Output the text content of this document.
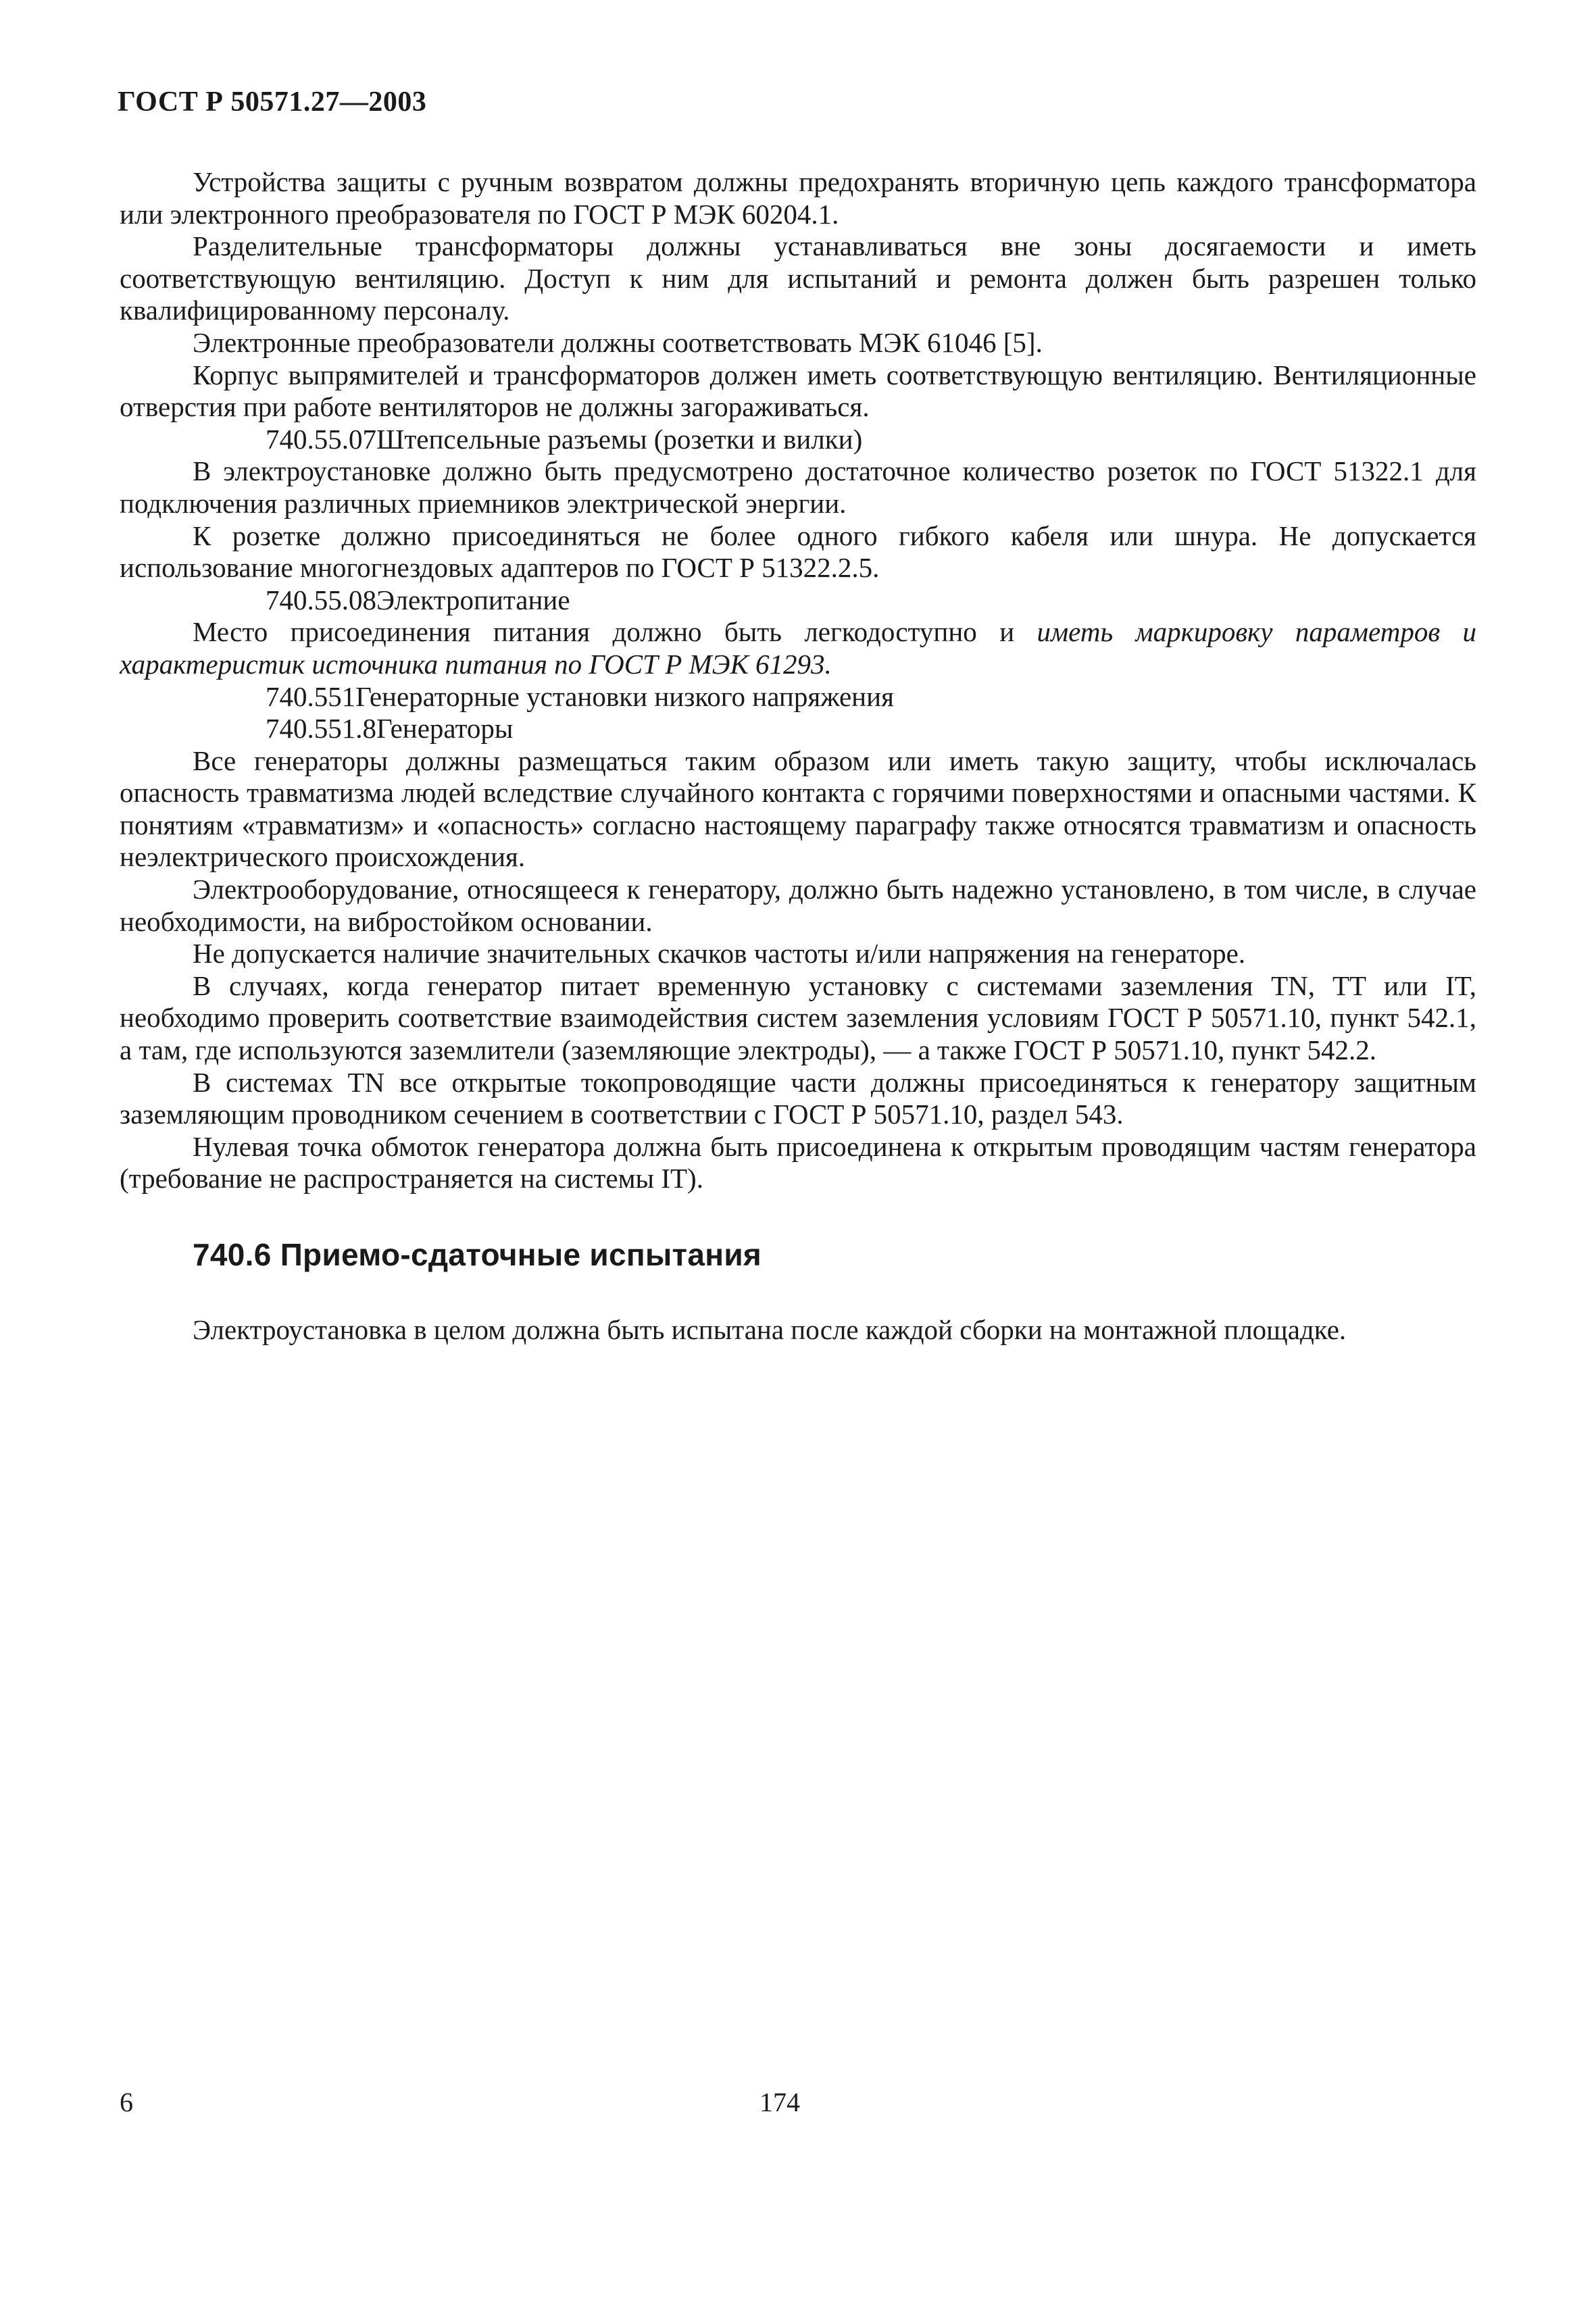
ГОСТ Р 50571.27—2003

Устройства защиты с ручным возвратом должны предохранять вторичную цепь каждого трансформатора или электронного преобразователя по ГОСТ Р МЭК 60204.1.

Разделительные трансформаторы должны устанавливаться вне зоны досягаемости и иметь соответствующую вентиляцию. Доступ к ним для испытаний и ремонта должен быть разрешен только квалифицированному персоналу.

Электронные преобразователи должны соответствовать МЭК 61046 [5].

Корпус выпрямителей и трансформаторов должен иметь соответствующую вентиляцию. Вентиляционные отверстия при работе вентиляторов не должны загораживаться.

740.55.07Штепсельные разъемы (розетки и вилки)

В электроустановке должно быть предусмотрено достаточное количество розеток по ГОСТ 51322.1 для подключения различных приемников электрической энергии.

К розетке должно присоединяться не более одного гибкого кабеля или шнура. Не допускается использование многогнездовых адаптеров по ГОСТ Р 51322.2.5.

740.55.08Электропитание

Место присоединения питания должно быть легкодоступно и иметь маркировку параметров и характеристик источника питания по ГОСТ Р МЭК 61293.

740.551Генераторные установки низкого напряжения

740.551.8Генераторы

Все генераторы должны размещаться таким образом или иметь такую защиту, чтобы исключалась опасность травматизма людей вследствие случайного контакта с горячими поверхностями и опасными частями. К понятиям «травматизм» и «опасность» согласно настоящему параграфу также относятся травматизм и опасность неэлектрического происхождения.

Электрооборудование, относящееся к генератору, должно быть надежно установлено, в том числе, в случае необходимости, на вибростойком основании.

Не допускается наличие значительных скачков частоты и/или напряжения на генераторе.

В случаях, когда генератор питает временную установку с системами заземления TN, TT или IT, необходимо проверить соответствие взаимодействия систем заземления условиям ГОСТ Р 50571.10, пункт 542.1, а там, где используются заземлители (заземляющие электроды), — а также ГОСТ Р 50571.10, пункт 542.2.

В системах TN все открытые токопроводящие части должны присоединяться к генератору защитным заземляющим проводником сечением в соответствии с ГОСТ Р 50571.10, раздел 543.

Нулевая точка обмоток генератора должна быть присоединена к открытым проводящим частям генератора (требование не распространяется на системы IT).

740.6 Приемо-сдаточные испытания

Электроустановка в целом должна быть испытана после каждой сборки на монтажной площадке.

6	174
